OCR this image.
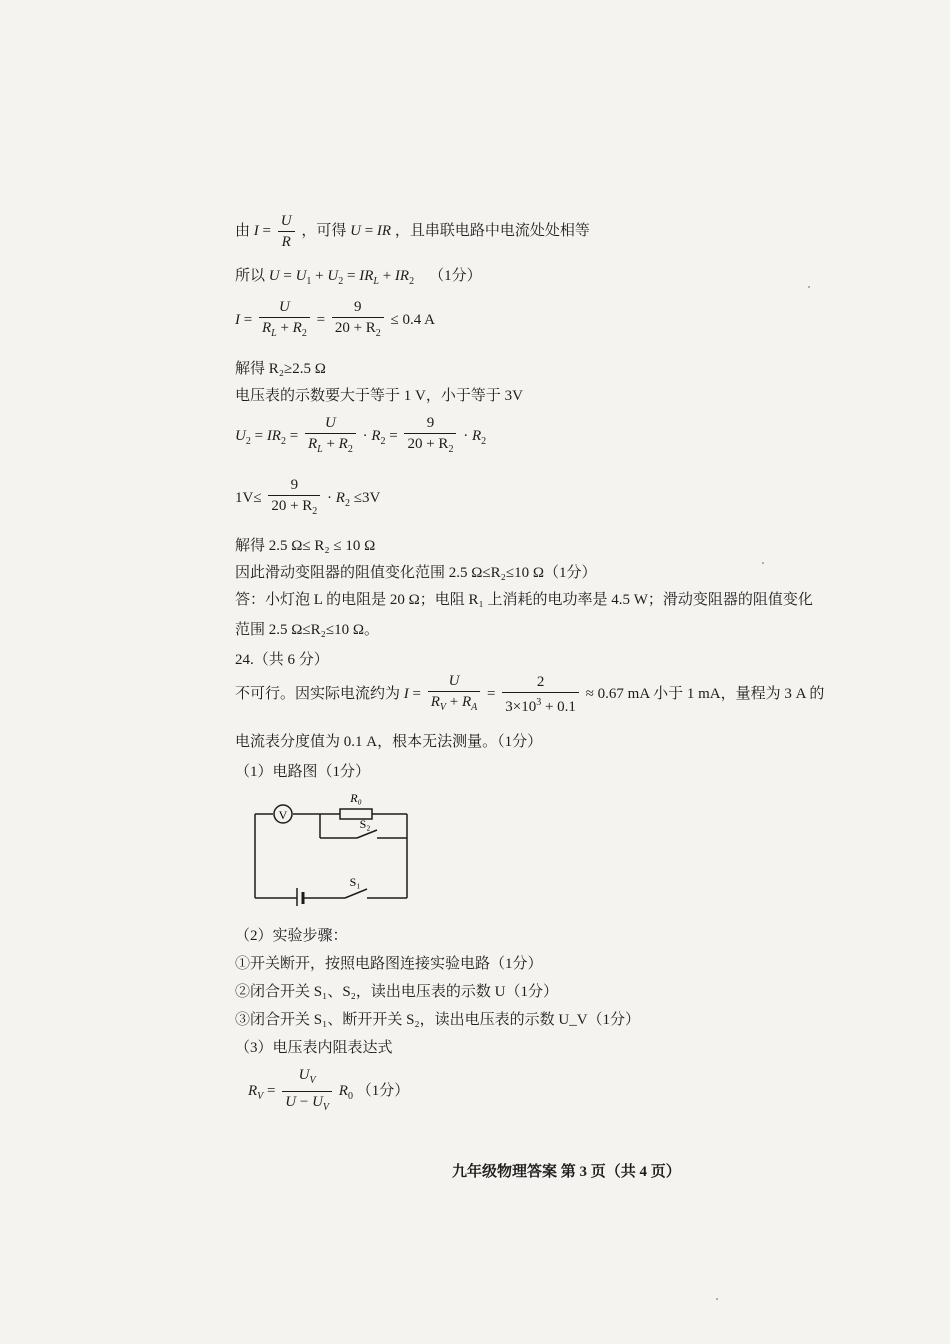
由 $I = \frac{U}{R}$ ，可得 U = IR ，且串联电路中电流处处相等
所以 $U = U_1 + U_2 = IR_L + IR_2$ （1分）
$I = \frac{U}{R_L + R_2} = \frac{9}{20 + R_2} \le 0.4$ A
解得 R₂≥2.5 Ω
电压表的示数要大于等于 1 V，小于等于 3V
$U_2 = IR_2 = \frac{U}{R_L + R_2} \cdot R_2 = \frac{9}{20 + R_2} \cdot R_2$
$1V\le \frac{9}{20 + R_2} \cdot R_2 \le 3V$
解得 2.5 Ω≤ R₂ ≤ 10 Ω
因此滑动变阻器的阻值变化范围 2.5 Ω≤R₂≤10 Ω（1分）
答：小灯泡 L 的电阻是 20 Ω；电阻 R₁ 上消耗的电功率是 4.5 W；滑动变阻器的阻值变化
范围 2.5 Ω≤R₂≤10 Ω。
24.（共 6 分）
不可行。因实际电流约为 $I = \frac{U}{R_V + R_A} = \frac{2}{3\times 10^3 + 0.1} \approx 0.67$ mA 小于 1 mA，量程为 3 A 的
电流表分度值为 0.1 A，根本无法测量。（1分）
（1）电路图（1分）
V
R₀
S₂
S₁
（2）实验步骤：
①开关断开，按照电路图连接实验电路（1分）
②闭合开关 S₁、S₂，读出电压表的示数 U（1分）
③闭合开关 S₁、断开开关 S₂，读出电压表的示数 U_V（1分）
（3）电压表内阻表达式
$R_V = \frac{U_V}{U - U_V} R_0$ （1分）
九年级物理答案 第 3 页（共 4 页）
